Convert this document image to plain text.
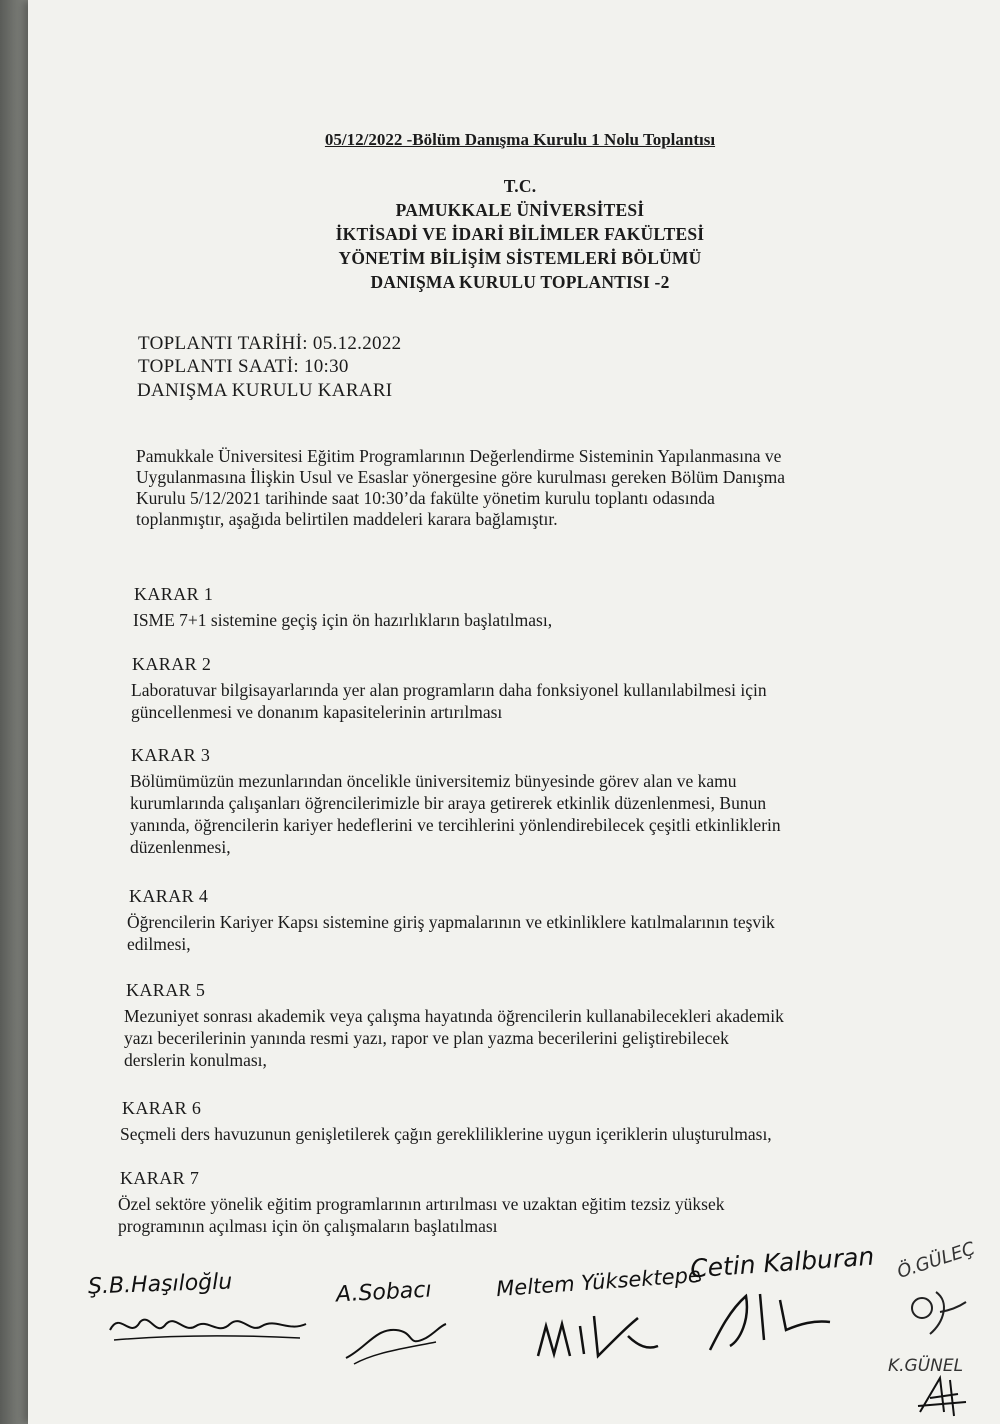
05/12/2022 -Bölüm Danışma Kurulu 1 Nolu Toplantısı
T.C.
PAMUKKALE ÜNİVERSİTESİ
İKTİSADİ VE İDARİ BİLİMLER FAKÜLTESİ
YÖNETİM BİLİŞİM SİSTEMLERİ BÖLÜMÜ
DANIŞMA KURULU TOPLANTISI -2
TOPLANTI TARİHİ: 05.12.2022
TOPLANTI SAATİ: 10:30
DANIŞMA KURULU KARARI
Pamukkale Üniversitesi Eğitim Programlarının Değerlendirme Sisteminin Yapılanmasına ve
Uygulanmasına İlişkin Usul ve Esaslar yönergesine göre kurulması gereken Bölüm Danışma
Kurulu 5/12/2021 tarihinde saat 10:30’da fakülte yönetim kurulu toplantı odasında
toplanmıştır, aşağıda belirtilen maddeleri karara bağlamıştır.
KARAR 1
ISME 7+1 sistemine geçiş için ön hazırlıkların başlatılması,
KARAR 2
Laboratuvar bilgisayarlarında yer alan programların daha fonksiyonel kullanılabilmesi için
güncellenmesi ve donanım kapasitelerinin artırılması
KARAR 3
Bölümümüzün mezunlarından öncelikle üniversitemiz bünyesinde görev alan ve kamu
kurumlarında çalışanları öğrencilerimizle bir araya getirerek etkinlik düzenlenmesi, Bunun
yanında, öğrencilerin kariyer hedeflerini ve tercihlerini yönlendirebilecek çeşitli etkinliklerin
düzenlenmesi,
KARAR 4
Öğrencilerin Kariyer Kapsı sistemine giriş yapmalarının ve etkinliklere katılmalarının teşvik
edilmesi,
KARAR 5
Mezuniyet sonrası akademik veya çalışma hayatında öğrencilerin kullanabilecekleri akademik
yazı becerilerinin yanında resmi yazı, rapor ve plan yazma becerilerini geliştirebilecek
derslerin konulması,
KARAR 6
Seçmeli ders havuzunun genişletilerek çağın gerekliliklerine uygun içeriklerin uluşturulması,
KARAR 7
Özel sektöre yönelik eğitim programlarının artırılması ve uzaktan eğitim tezsiz yüksek
programının açılması için ön çalışmaların başlatılması
Ş.B.Haşıloğlu	A.Sobacı	Meltem Yüksektepe
Çetin Kalburan Ö.GÜLEÇ
K.GÜNEL
